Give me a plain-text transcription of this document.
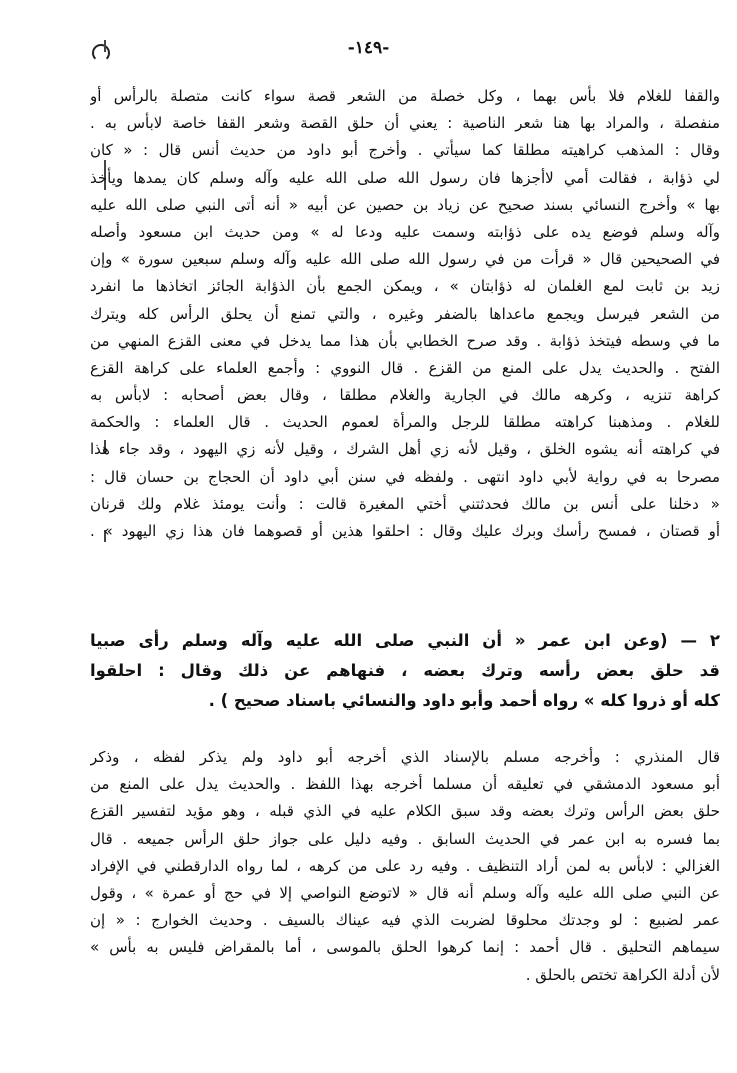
-١٤٩-
والقفا للغلام فلا بأس بهما ، وكل خصلة من الشعر قصة سواء كانت متصلة بالرأس أو
منفصلة ، والمراد بها هنا شعر الناصية : يعني أن حلق القصة وشعر القفا خاصة لابأس به .
وقال : المذهب كراهيته مطلقا كما سيأتي . وأخرج أبو داود من حديث أنس قال : « كان
لي ذؤابة ، فقالت أمي لاأجزها فان رسول الله صلى الله عليه وآله وسلم كان يمدها ويأخذ
بها » وأخرج النسائي بسند صحيح عن زياد بن حصين عن أبيه « أنه أتى النبي صلى الله عليه
وآله وسلم فوضع يده على ذؤابته وسمت عليه ودعا له » ومن حديث ابن مسعود وأصله
في الصحيحين قال « قرأت من في رسول الله صلى الله عليه وآله وسلم سبعين سورة » وإن
زيد بن ثابت لمع الغلمان له ذؤابتان » ، ويمكن الجمع بأن الذؤابة الجائز اتخاذها ما انفرد
من الشعر فيرسل ويجمع ماعداها بالضفر وغيره ، والتي تمنع أن يحلق الرأس كله ويترك
ما في وسطه فيتخذ ذؤابة . وقد صرح الخطابي بأن هذا مما يدخل في معنى القزع المنهي من
الفتح . والحديث يدل على المنع من القزع . قال النووي : وأجمع العلماء على كراهة القزع
كراهة تنزيه ، وكرهه مالك في الجارية والغلام مطلقا ، وقال بعض أصحابه : لابأس به
للغلام . ومذهبنا كراهته مطلقا للرجل والمرأة لعموم الحديث . قال العلماء : والحكمة
في كراهته أنه يشوه الخلق ، وقيل لأنه زي أهل الشرك ، وقيل لأنه زي اليهود ، وقد جاء هذا
مصرحا به في رواية لأبي داود انتهى . ولفظه في سنن أبي داود أن الحجاج بن حسان قال :
« دخلنا على أنس بن مالك فحدثتني أختي المغيرة قالت : وأنت يومئذ غلام ولك قرنان
أو قصتان ، فمسح رأسك وبرك عليك وقال : احلقوا هذين أو قصوهما فان هذا زي اليهود » .
٢ — (وعن ابن عمر « أن النبي صلى الله عليه وآله وسلم رأى صبيا
قد حلق بعض رأسه وترك بعضه ، فنهاهم عن ذلك وقال : احلقوا
كله أو ذروا كله » رواه أحمد وأبو داود والنسائي باسناد صحيح ) .
قال المنذري : وأخرجه مسلم بالإسناد الذي أخرجه أبو داود ولم يذكر لفظه ، وذكر
أبو مسعود الدمشقي في تعليقه أن مسلما أخرجه بهذا اللفظ . والحديث يدل على المنع من
حلق بعض الرأس وترك بعضه وقد سبق الكلام عليه في الذي قبله ، وهو مؤيد لتفسير القزع
بما فسره به ابن عمر في الحديث السابق . وفيه دليل على جواز حلق الرأس جميعه . قال
الغزالي : لابأس به لمن أراد التنظيف . وفيه رد على من كرهه ، لما رواه الدارقطني في الإفراد
عن النبي صلى الله عليه وآله وسلم أنه قال « لاتوضع النواصي إلا في حج أو عمرة » ، وقول
عمر لضبيع : لو وجدتك محلوقا لضربت الذي فيه عيناك بالسيف . وحديث الخوارج : « إن
سيماهم التحليق . قال أحمد : إنما كرهوا الحلق بالموسى ، أما بالمقراض فليس به بأس »
لأن أدلة الكراهة تختص بالحلق .
